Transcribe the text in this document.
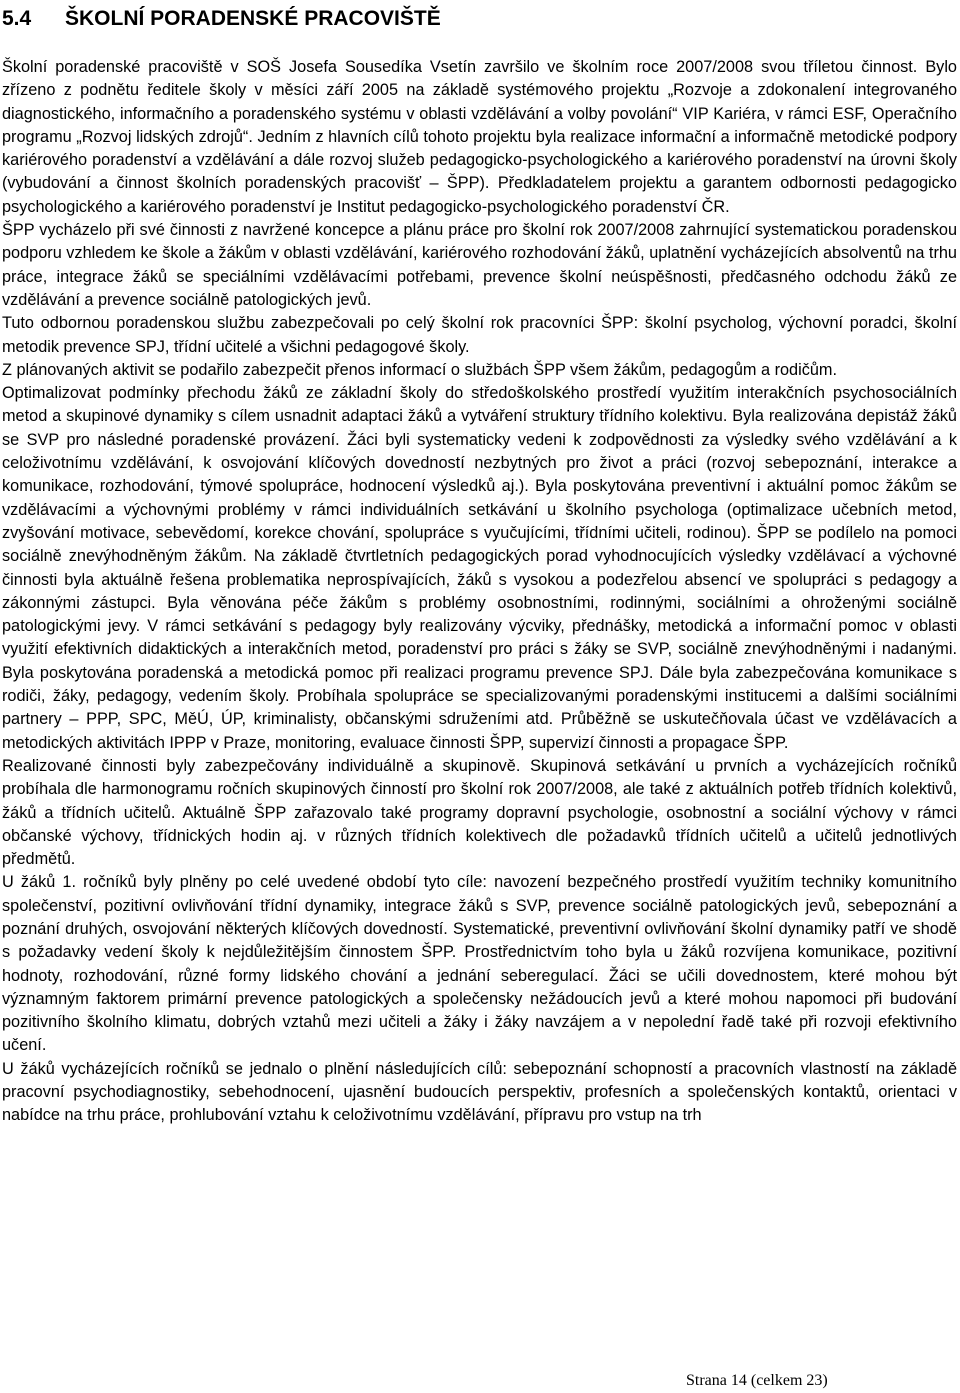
5.4 ŠKOLNÍ PORADENSKÉ PRACOVIŠTĚ

Školní poradenské pracoviště v SOŠ Josefa Sousedíka Vsetín završilo ve školním roce 2007/2008 svou tříletou činnost. Bylo zřízeno z podnětu ředitele školy v měsíci září 2005 na základě systémového projektu „Rozvoje a zdokonalení integrovaného diagnostického, informačního a poradenského systému v oblasti vzdělávání a volby povolání“ VIP Kariéra, v rámci ESF, Operačního programu „Rozvoj lidských zdrojů“. Jedním z hlavních cílů tohoto projektu byla realizace informační a informačně metodické podpory kariérového poradenství a vzdělávání a dále rozvoj služeb pedagogicko-psychologického a kariérového poradenství na úrovni školy (vybudování a činnost školních poradenských pracovišť – ŠPP). Předkladatelem projektu a garantem odbornosti pedagogicko psychologického a kariérového poradenství je Institut pedagogicko-psychologického poradenství ČR.

ŠPP vycházelo při své činnosti z navržené koncepce a plánu práce pro školní rok 2007/2008 zahrnující systematickou poradenskou podporu vzhledem ke škole a žákům v oblasti vzdělávání, kariérového rozhodování žáků, uplatnění vycházejících absolventů na trhu práce, integrace žáků se speciálními vzdělávacími potřebami, prevence školní neúspěšnosti, předčasného odchodu žáků ze vzdělávání a prevence sociálně patologických jevů.

Tuto odbornou poradenskou službu zabezpečovali po celý školní rok pracovníci ŠPP: školní psycholog, výchovní poradci, školní metodik prevence SPJ, třídní učitelé a všichni pedagogové školy.

Z plánovaných aktivit se podařilo zabezpečit přenos informací o službách ŠPP všem žákům, pedagogům a rodičům.

Optimalizovat podmínky přechodu žáků ze základní školy do středoškolského prostředí využitím interakčních psychosociálních metod a skupinové dynamiky s cílem usnadnit adaptaci žáků a vytváření struktury třídního kolektivu. Byla realizována depistáž žáků se SVP pro následné poradenské provázení. Žáci byli systematicky vedeni k zodpovědnosti za výsledky svého vzdělávání a k celoživotnímu vzdělávání, k osvojování klíčových dovedností nezbytných pro život a práci (rozvoj sebepoznání, interakce a komunikace, rozhodování, týmové spolupráce, hodnocení výsledků aj.). Byla poskytována preventivní i aktuální pomoc žákům se vzdělávacími a výchovnými problémy v rámci individuálních setkávání u školního psychologa (optimalizace učebních metod, zvyšování motivace, sebevědomí, korekce chování, spolupráce s vyučujícími, třídními učiteli, rodinou). ŠPP se podílelo na pomoci sociálně znevýhodněným žákům. Na základě čtvrtletních pedagogických porad vyhodnocujících výsledky vzdělávací a výchovné činnosti byla aktuálně řešena problematika neprospívajících, žáků s vysokou a podezřelou absencí ve spolupráci s pedagogy a zákonnými zástupci. Byla věnována péče žákům s problémy osobnostními, rodinnými, sociálními a ohroženými sociálně patologickými jevy. V rámci setkávání s pedagogy byly realizovány výcviky, přednášky, metodická a informační pomoc v oblasti využití efektivních didaktických a interakčních metod, poradenství pro práci s žáky se SVP, sociálně znevýhodněnými i nadanými. Byla poskytována poradenská a metodická pomoc při realizaci programu prevence SPJ. Dále byla zabezpečována komunikace s rodiči, žáky, pedagogy, vedením školy. Probíhala spolupráce se specializovanými poradenskými institucemi a dalšími sociálními partnery – PPP, SPC, MěÚ, ÚP, kriminalisty, občanskými sdruženími atd. Průběžně se uskutečňovala účast ve vzdělávacích a metodických aktivitách IPPP v Praze, monitoring, evaluace činnosti ŠPP, supervizí činnosti a propagace ŠPP.

Realizované činnosti byly zabezpečovány individuálně a skupinově. Skupinová setkávání u prvních a vycházejících ročníků probíhala dle harmonogramu ročních skupinových činností pro školní rok 2007/2008, ale také z aktuálních potřeb třídních kolektivů, žáků a třídních učitelů. Aktuálně ŠPP zařazovalo také programy dopravní psychologie, osobnostní a sociální výchovy v rámci občanské výchovy, třídnických hodin aj. v různých třídních kolektivech dle požadavků třídních učitelů a učitelů jednotlivých předmětů.

U žáků 1. ročníků byly plněny po celé uvedené období tyto cíle: navození bezpečného prostředí využitím techniky komunitního společenství, pozitivní ovlivňování třídní dynamiky, integrace žáků s SVP, prevence sociálně patologických jevů, sebepoznání a poznání druhých, osvojování některých klíčových dovedností. Systematické, preventivní ovlivňování školní dynamiky patří ve shodě s požadavky vedení školy k nejdůležitějším činnostem ŠPP. Prostřednictvím toho byla u žáků rozvíjena komunikace, pozitivní hodnoty, rozhodování, různé formy lidského chování a jednání seberegulací. Žáci se učili dovednostem, které mohou být významným faktorem primární prevence patologických a společensky nežádoucích jevů a které mohou napomoci při budování pozitivního školního klimatu, dobrých vztahů mezi učiteli a žáky i žáky navzájem a v nepolední řadě také při rozvoji efektivního učení.

U žáků vycházejících ročníků se jednalo o plnění následujících cílů: sebepoznání schopností a pracovních vlastností na základě pracovní psychodiagnostiky, sebehodnocení, ujasnění budoucích perspektiv, profesních a společenských kontaktů, orientaci v nabídce na trhu práce, prohlubování vztahu k celoživotnímu vzdělávání, přípravu pro vstup na trh

Strana 14 (celkem 23)
